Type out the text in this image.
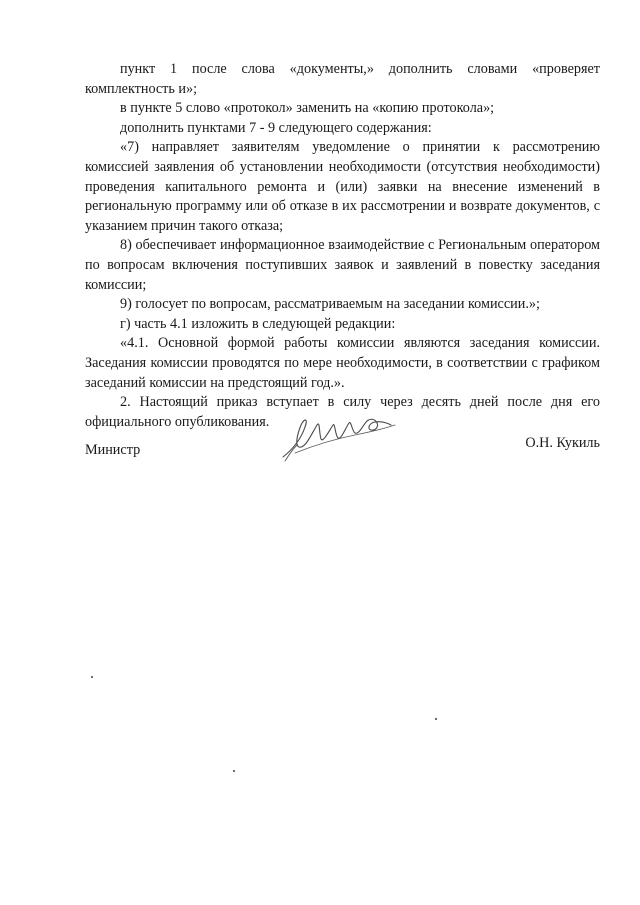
пункт 1 после слова «документы,» дополнить словами «проверяет комплектность и»;

в пункте 5 слово «протокол» заменить на «копию протокола»;

дополнить пунктами 7 - 9 следующего содержания:

«7) направляет заявителям уведомление о принятии к рассмотрению комиссией заявления об установлении необходимости (отсутствия необходимости) проведения капитального ремонта и (или) заявки на внесение изменений в региональную программу или об отказе в их рассмотрении и возврате документов, с указанием причин такого отказа;

8) обеспечивает информационное взаимодействие с Региональным оператором по вопросам включения поступивших заявок и заявлений в повестку заседания комиссии;

9) голосует по вопросам, рассматриваемым на заседании комиссии.»;

г) часть 4.1 изложить в следующей редакции:

«4.1. Основной формой работы комиссии являются заседания комиссии. Заседания комиссии проводятся по мере необходимости, в соответствии с графиком заседаний комиссии на предстоящий год.».

2. Настоящий приказ вступает в силу через десять дней после дня его официального опубликования.

Министр	О.Н. Кукиль
